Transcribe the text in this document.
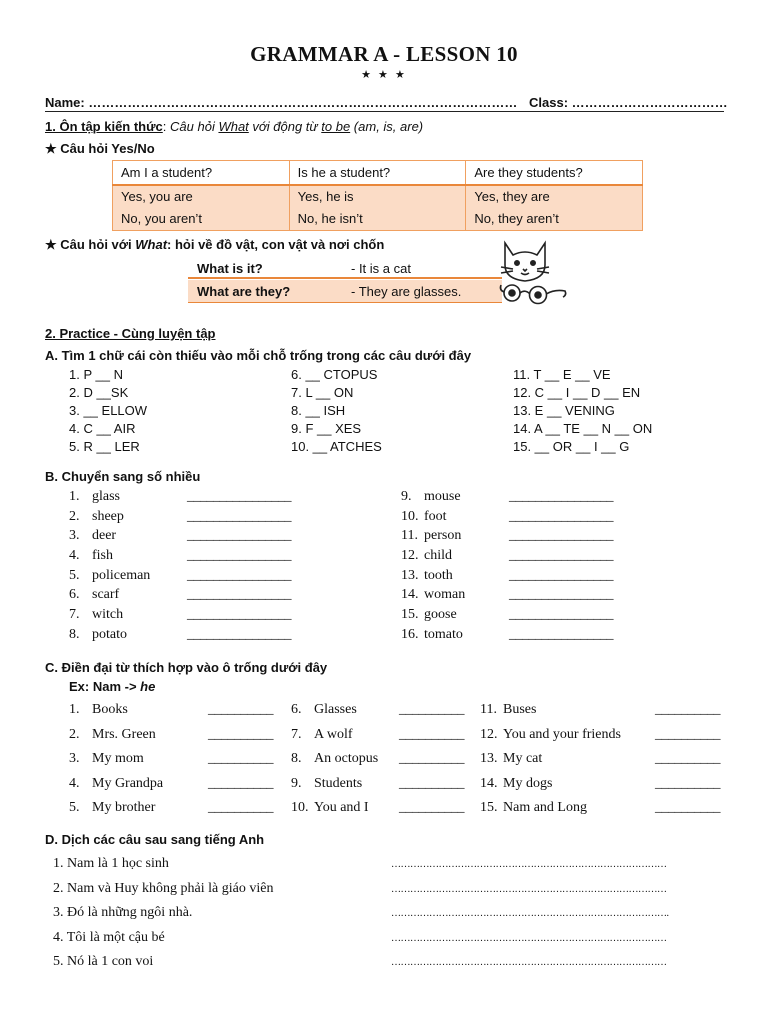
GRAMMAR A - LESSON 10
★ ★ ★
Name: ……………………………………………………………………………………… Class: ………………………………
1. Ôn tập kiến thức: Câu hỏi What với động từ to be (am, is, are)
★ Câu hỏi Yes/No
Am I a student?	Is he a student?	Are they students?
Yes, you are	Yes, he is	Yes, they are
No, you aren’t	No, he isn’t	No, they aren’t
★ Câu hỏi với What: hỏi về đồ vật, con vật và nơi chốn
What is it?	- It is a cat
What are they?	- They are glasses.
2. Practice - Cùng luyện tập
A. Tìm 1 chữ cái còn thiếu vào mỗi chỗ trống trong các câu dưới đây
1. P __ N
2. D __SK
3. __ ELLOW
4. C __ AIR
5. R __ LER
6. __ CTOPUS
7. L __ ON
8. __ ISH
9. F __ XES
10. __ ATCHES
11. T __ E __ VE
12. C __ I __ D __ EN
13. E __ VENING
14. A __ TE __ N __ ON
15. __ OR __ I __ G
B. Chuyển sang số nhiều
1. glass	________________
2. sheep	________________
3. deer	________________
4. fish	________________
5. policeman	________________
6. scarf	________________
7. witch	________________
8. potato	________________
9. mouse	________________
10. foot	________________
11. person	________________
12. child	________________
13. tooth	________________
14. woman	________________
15. goose	________________
16. tomato	________________
C. Điền đại từ thích hợp vào ô trống dưới đây
Ex: Nam -> he
1. Books	__________ 6. Glasses	__________ 11. Buses	__________
2. Mrs. Green	__________ 7. A wolf	__________ 12. You and your friends __________
3. My mom	__________ 8. An octopus __________ 13. My cat	__________
4. My Grandpa	__________ 9. Students	__________ 14. My dogs	__________
5. My brother	__________ 10. You and I __________ 15. Nam and Long	__________
D. Dịch các câu sau sang tiếng Anh
1. Nam là 1 học sinh	……………………………………………………………………………
2. Nam và Huy không phải là giáo viên	……………………………………………………………………………
3. Đó là những ngôi nhà.	…………………………………………………………………………….
4. Tôi là một cậu bé	……………………………………………………………………………
5. Nó là 1 con voi	……………………………………………………………………………
